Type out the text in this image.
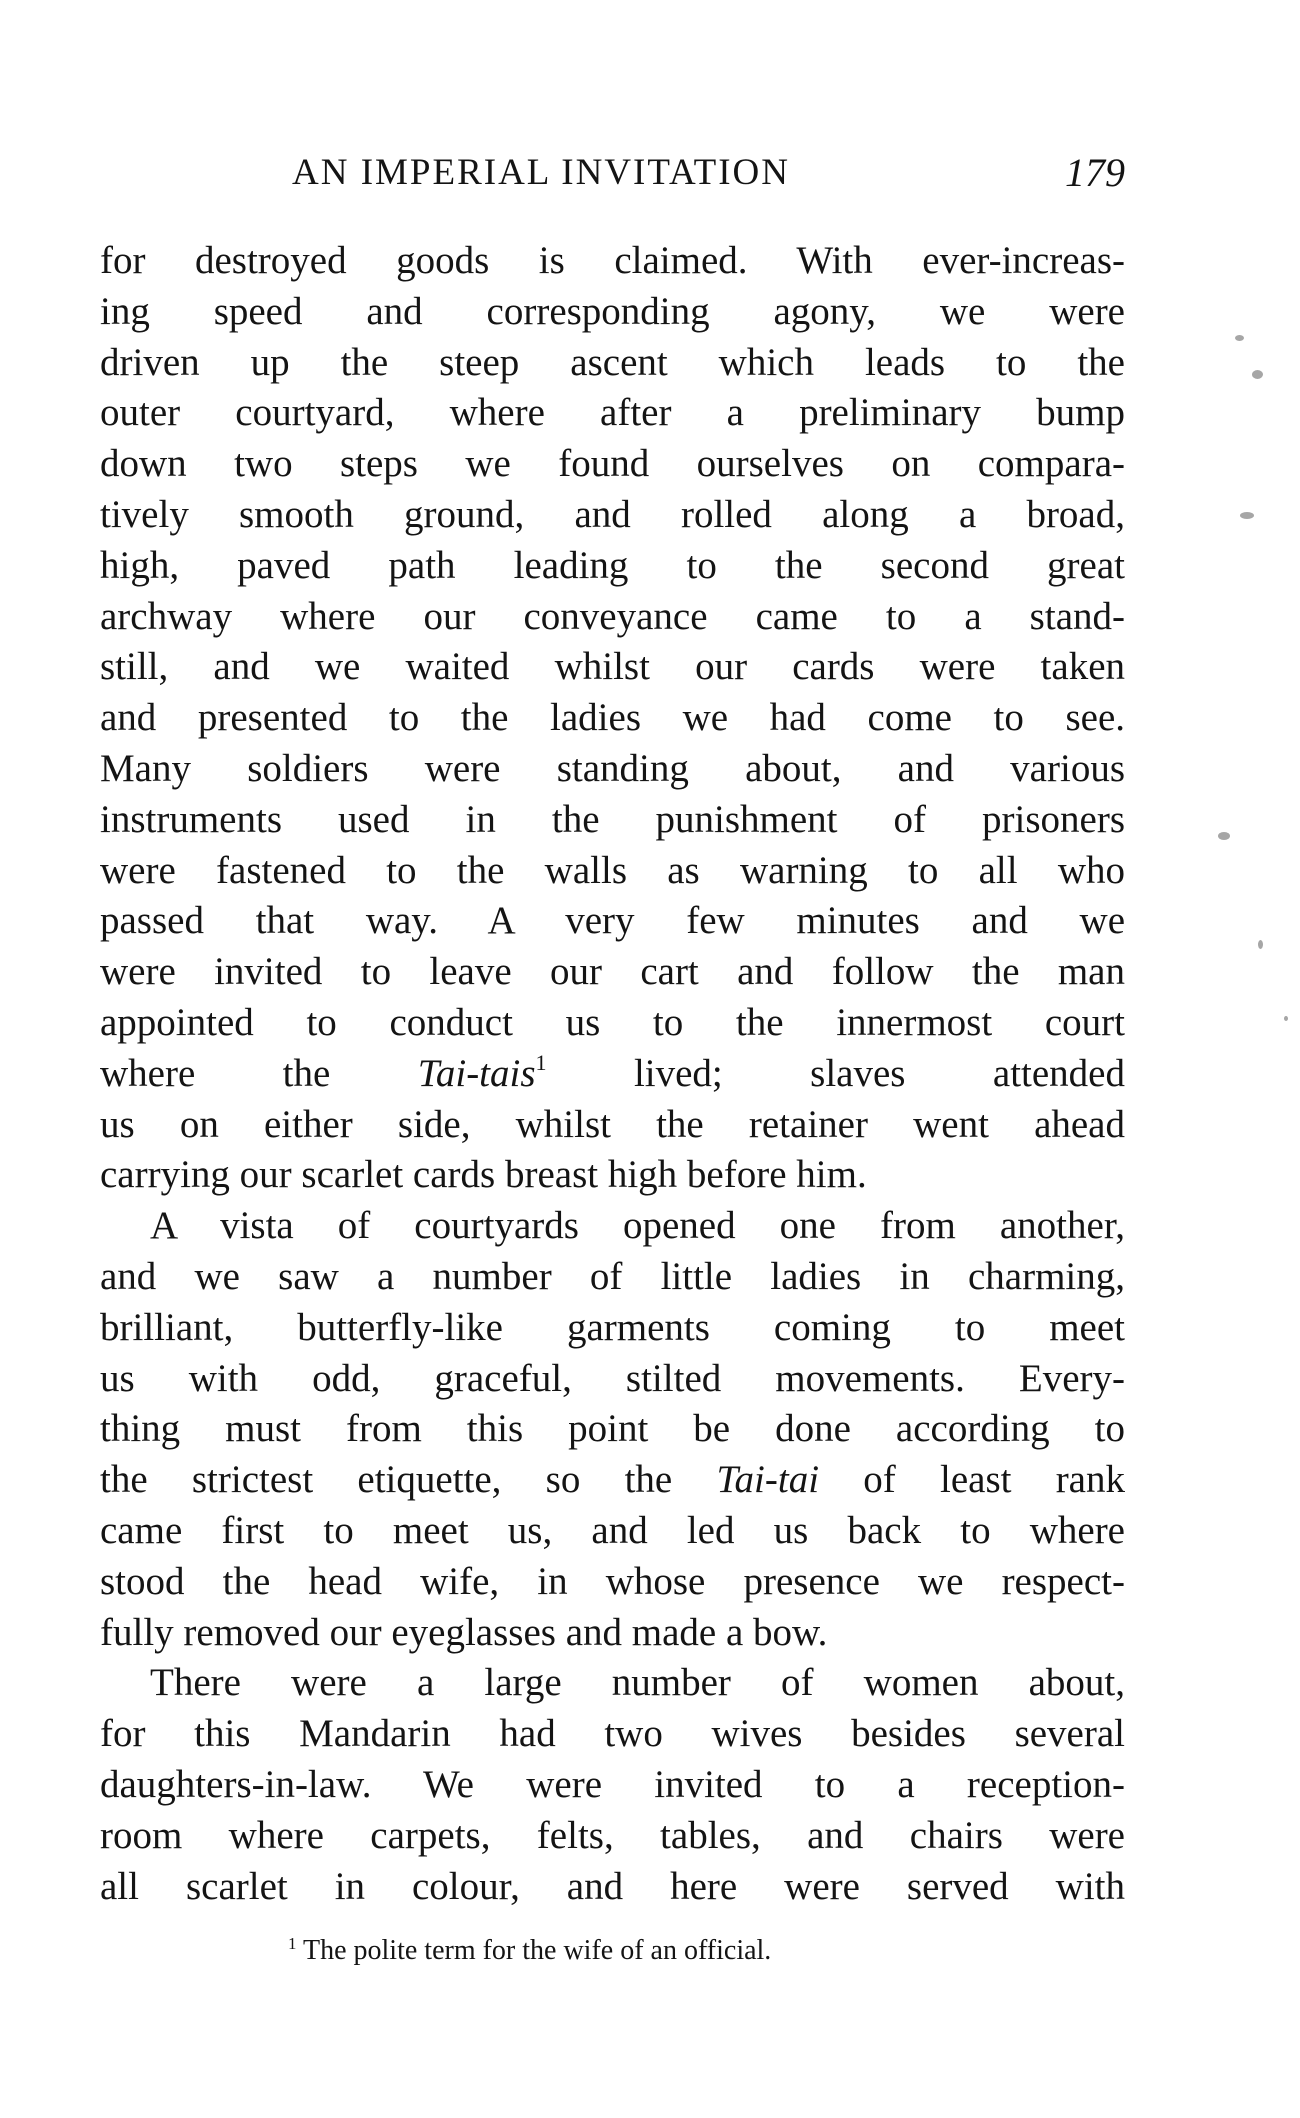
AN IMPERIAL INVITATION	179
for destroyed goods is claimed. With ever-increas-
ing speed and corresponding agony, we were
driven up the steep ascent which leads to the
outer courtyard, where after a preliminary bump
down two steps we found ourselves on compara-
tively smooth ground, and rolled along a broad,
high, paved path leading to the second great
archway where our conveyance came to a stand-
still, and we waited whilst our cards were taken
and presented to the ladies we had come to see.
Many soldiers were standing about, and various
instruments used in the punishment of prisoners
were fastened to the walls as warning to all who
passed that way. A very few minutes and we
were invited to leave our cart and follow the man
appointed to conduct us to the innermost court
where the Tai-tais$^1$ lived; slaves attended
us on either side, whilst the retainer went ahead
carrying our scarlet cards breast high before him.
A vista of courtyards opened one from another,
and we saw a number of little ladies in charming,
brilliant, butterfly-like garments coming to meet
us with odd, graceful, stilted movements. Every-
thing must from this point be done according to
the strictest etiquette, so the Tai-tai of least rank
came first to meet us, and led us back to where
stood the head wife, in whose presence we respect-
fully removed our eyeglasses and made a bow.
There were a large number of women about,
for this Mandarin had two wives besides several
daughters-in-law. We were invited to a reception-
room where carpets, felts, tables, and chairs were
all scarlet in colour, and here were served with
$^1$ The polite term for the wife of an official.
